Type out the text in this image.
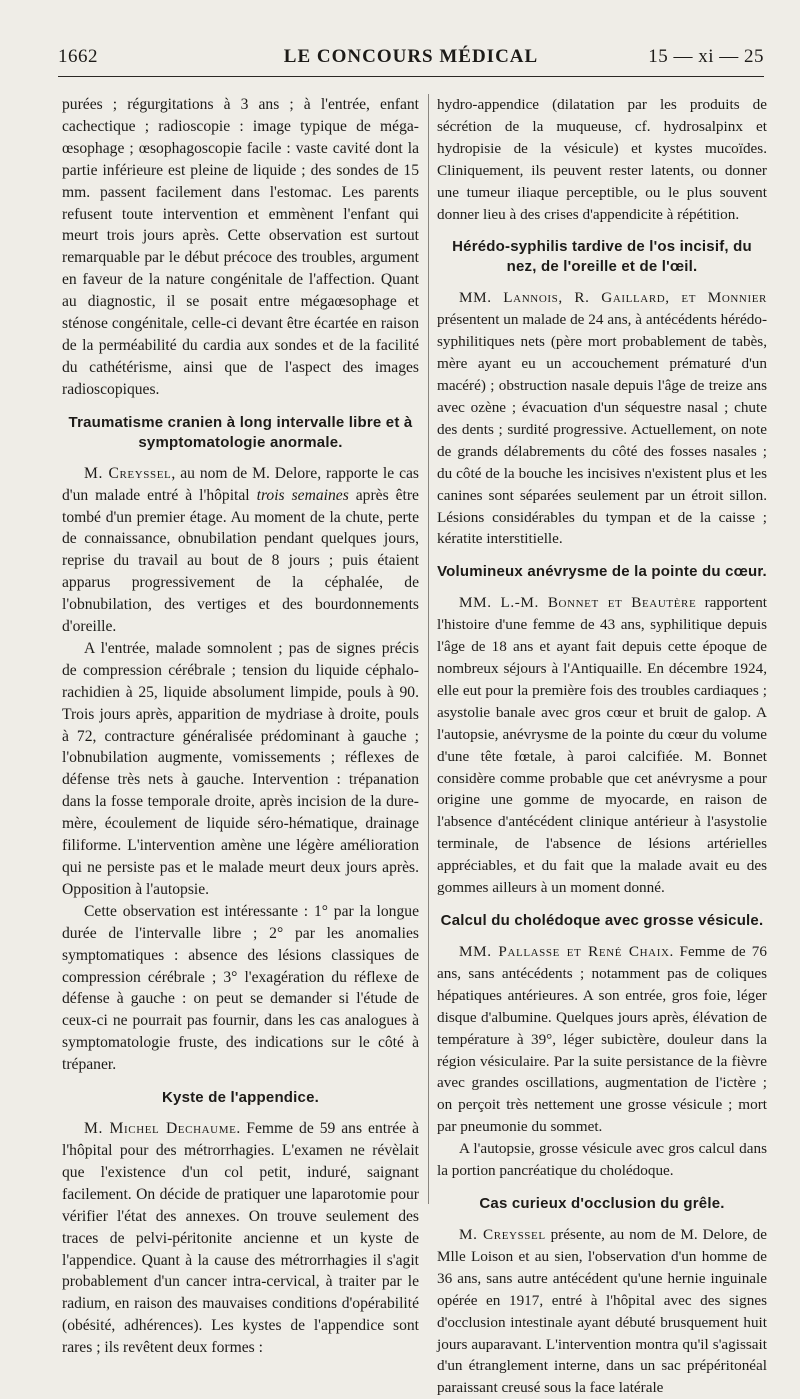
1662	LE CONCOURS MÉDICAL	15 — xi — 25

purées ; régurgitations à 3 ans ; à l'entrée, enfant cachectique ; radioscopie : image typique de méga-œsophage ; œsophagoscopie facile : vaste cavité dont la partie inférieure est pleine de liquide ; des sondes de 15 mm. passent facilement dans l'estomac. Les parents refusent toute intervention et emmènent l'enfant qui meurt trois jours après. Cette observation est surtout remarquable par le début précoce des troubles, argument en faveur de la nature congénitale de l'affection. Quant au diagnostic, il se posait entre mégaœsophage et sténose congénitale, celle-ci devant être écartée en raison de la perméabilité du cardia aux sondes et de la facilité du cathétérisme, ainsi que de l'aspect des images radioscopiques.

Traumatisme cranien à long intervalle libre et à symptomatologie anormale.

M. Creyssel, au nom de M. Delore, rapporte le cas d'un malade entré à l'hôpital trois semaines après être tombé d'un premier étage. Au moment de la chute, perte de connaissance, obnubilation pendant quelques jours, reprise du travail au bout de 8 jours ; puis étaient apparus progressivement de la céphalée, de l'obnubilation, des vertiges et des bourdonnements d'oreille.

A l'entrée, malade somnolent ; pas de signes précis de compression cérébrale ; tension du liquide céphalo-rachidien à 25, liquide absolument limpide, pouls à 90. Trois jours après, apparition de mydriase à droite, pouls à 72, contracture généralisée prédominant à gauche ; l'obnubilation augmente, vomissements ; réflexes de défense très nets à gauche. Intervention : trépanation dans la fosse temporale droite, après incision de la dure-mère, écoulement de liquide séro-hématique, drainage filiforme. L'intervention amène une légère amélioration qui ne persiste pas et le malade meurt deux jours après. Opposition à l'autopsie.

Cette observation est intéressante : 1° par la longue durée de l'intervalle libre ; 2° par les anomalies symptomatiques : absence des lésions classiques de compression cérébrale ; 3° l'exagération du réflexe de défense à gauche : on peut se demander si l'étude de ceux-ci ne pourrait pas fournir, dans les cas analogues à symptomatologie fruste, des indications sur le côté à trépaner.

Kyste de l'appendice.

M. Michel Dechaume. Femme de 59 ans entrée à l'hôpital pour des métrorrhagies. L'examen ne révèlait que l'existence d'un col petit, induré, saignant facilement. On décide de pratiquer une laparotomie pour vérifier l'état des annexes. On trouve seulement des traces de pelvi-péritonite ancienne et un kyste de l'appendice. Quant à la cause des métrorrhagies il s'agit probablement d'un cancer intra-cervical, à traiter par le radium, en raison des mauvaises conditions d'opérabilité (obésité, adhérences). Les kystes de l'appendice sont rares ; ils revêtent deux formes :

hydro-appendice (dilatation par les produits de sécrétion de la muqueuse, cf. hydrosalpinx et hydropisie de la vésicule) et kystes mucoïdes. Cliniquement, ils peuvent rester latents, ou donner une tumeur iliaque perceptible, ou le plus souvent donner lieu à des crises d'appendicite à répétition.

Hérédo-syphilis tardive de l'os incisif, du nez, de l'oreille et de l'œil.

MM. Lannois, R. Gaillard, et Monnier présentent un malade de 24 ans, à antécédents hérédo-syphilitiques nets (père mort probablement de tabès, mère ayant eu un accouchement prématuré d'un macéré) ; obstruction nasale depuis l'âge de treize ans avec ozène ; évacuation d'un séquestre nasal ; chute des dents ; surdité progressive. Actuellement, on note de grands délabrements du côté des fosses nasales ; du côté de la bouche les incisives n'existent plus et les canines sont séparées seulement par un étroit sillon. Lésions considérables du tympan et de la caisse ; kératite interstitielle.

Volumineux anévrysme de la pointe du cœur.

MM. L.-M. Bonnet et Beautère rapportent l'histoire d'une femme de 43 ans, syphilitique depuis l'âge de 18 ans et ayant fait depuis cette époque de nombreux séjours à l'Antiquaille. En décembre 1924, elle eut pour la première fois des troubles cardiaques ; asystolie banale avec gros cœur et bruit de galop. A l'autopsie, anévrysme de la pointe du cœur du volume d'une tête fœtale, à paroi calcifiée. M. Bonnet considère comme probable que cet anévrysme a pour origine une gomme de myocarde, en raison de l'absence d'antécédent clinique antérieur à l'asystolie terminale, de l'absence de lésions artérielles appréciables, et du fait que la malade avait eu des gommes ailleurs à un moment donné.

Calcul du cholédoque avec grosse vésicule.

MM. Pallasse et René Chaix. Femme de 76 ans, sans antécédents ; notamment pas de coliques hépatiques antérieures. A son entrée, gros foie, léger disque d'albumine. Quelques jours après, élévation de température à 39°, léger subictère, douleur dans la région vésiculaire. Par la suite persistance de la fièvre avec grandes oscillations, augmentation de l'ictère ; on perçoit très nettement une grosse vésicule ; mort par pneumonie du sommet.

A l'autopsie, grosse vésicule avec gros calcul dans la portion pancréatique du cholédoque.

Cas curieux d'occlusion du grêle.

M. Creyssel présente, au nom de M. Delore, de Mlle Loison et au sien, l'observation d'un homme de 36 ans, sans autre antécédent qu'une hernie inguinale opérée en 1917, entré à l'hôpital avec des signes d'occlusion intestinale ayant débuté brusquement huit jours auparavant. L'intervention montra qu'il s'agissait d'un étranglement interne, dans un sac prépéritonéal paraissant creusé sous la face latérale
